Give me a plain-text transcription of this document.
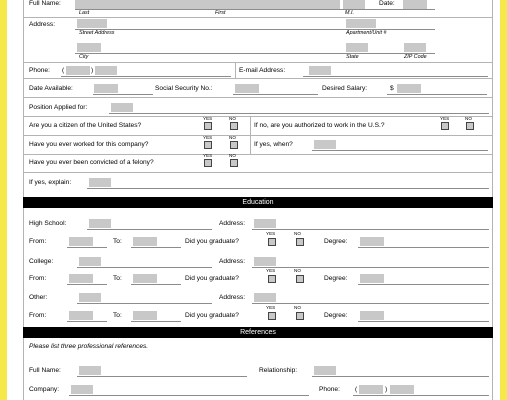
Full Name:	Date:
Last	First	M.I.
Address:
Street Address	Apartment/Unit #
City	State	ZIP Code
Phone: (	)	E-mail Address:
Date Available:	Social Security No.:	Desired Salary:	$
Position Applied for:
YES	NO
Are you a citizen of the United States?	If no, are you authorized to work in the U.S.?
YES	NO
YES	NO
Have you ever worked for this company?	If yes, when?
YES	NO
Have you ever been convicted of a felony?
If yes, explain:
Education
High School:	Address:
YES	NO
From:	To:	Did you graduate?	Degree:
College:	Address:
YES	NO
From:	To:	Did you graduate?	Degree:
Other:	Address:
YES	NO
From:	To:	Did you graduate?	Degree:
References
Please list three professional references.
Full Name:	Relationship:
Company:	Phone: (	)
